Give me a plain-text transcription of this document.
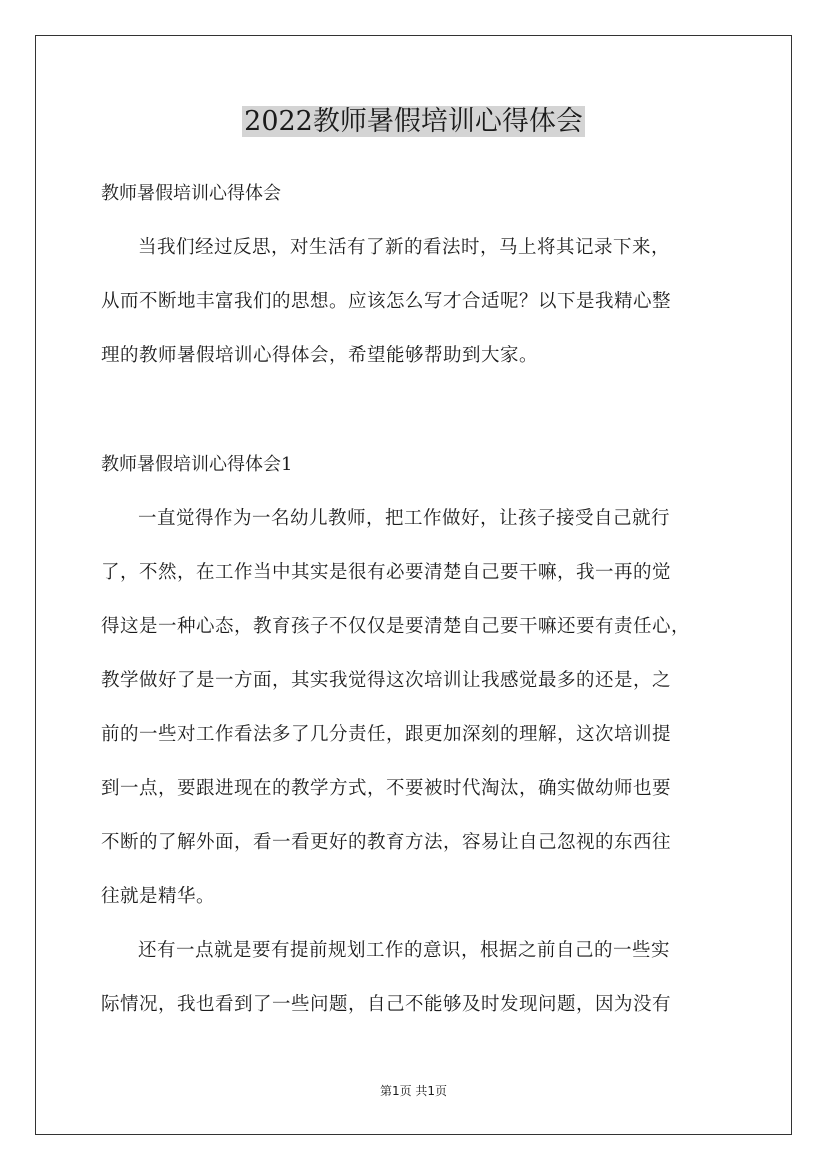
2022教师暑假培训心得体会
教师暑假培训心得体会
当我们经过反思，对生活有了新的看法时，马上将其记录下来，
从而不断地丰富我们的思想。应该怎么写才合适呢？以下是我精心整
理的教师暑假培训心得体会，希望能够帮助到大家。
教师暑假培训心得体会1
一直觉得作为一名幼儿教师，把工作做好，让孩子接受自己就行
了，不然，在工作当中其实是很有必要清楚自己要干嘛，我一再的觉
得这是一种心态，教育孩子不仅仅是要清楚自己要干嘛还要有责任心，
教学做好了是一方面，其实我觉得这次培训让我感觉最多的还是，之
前的一些对工作看法多了几分责任，跟更加深刻的理解，这次培训提
到一点，要跟进现在的教学方式，不要被时代淘汰，确实做幼师也要
不断的了解外面，看一看更好的教育方法，容易让自己忽视的东西往
往就是精华。
还有一点就是要有提前规划工作的意识，根据之前自己的一些实
际情况，我也看到了一些问题，自己不能够及时发现问题，因为没有
第1页 共1页
